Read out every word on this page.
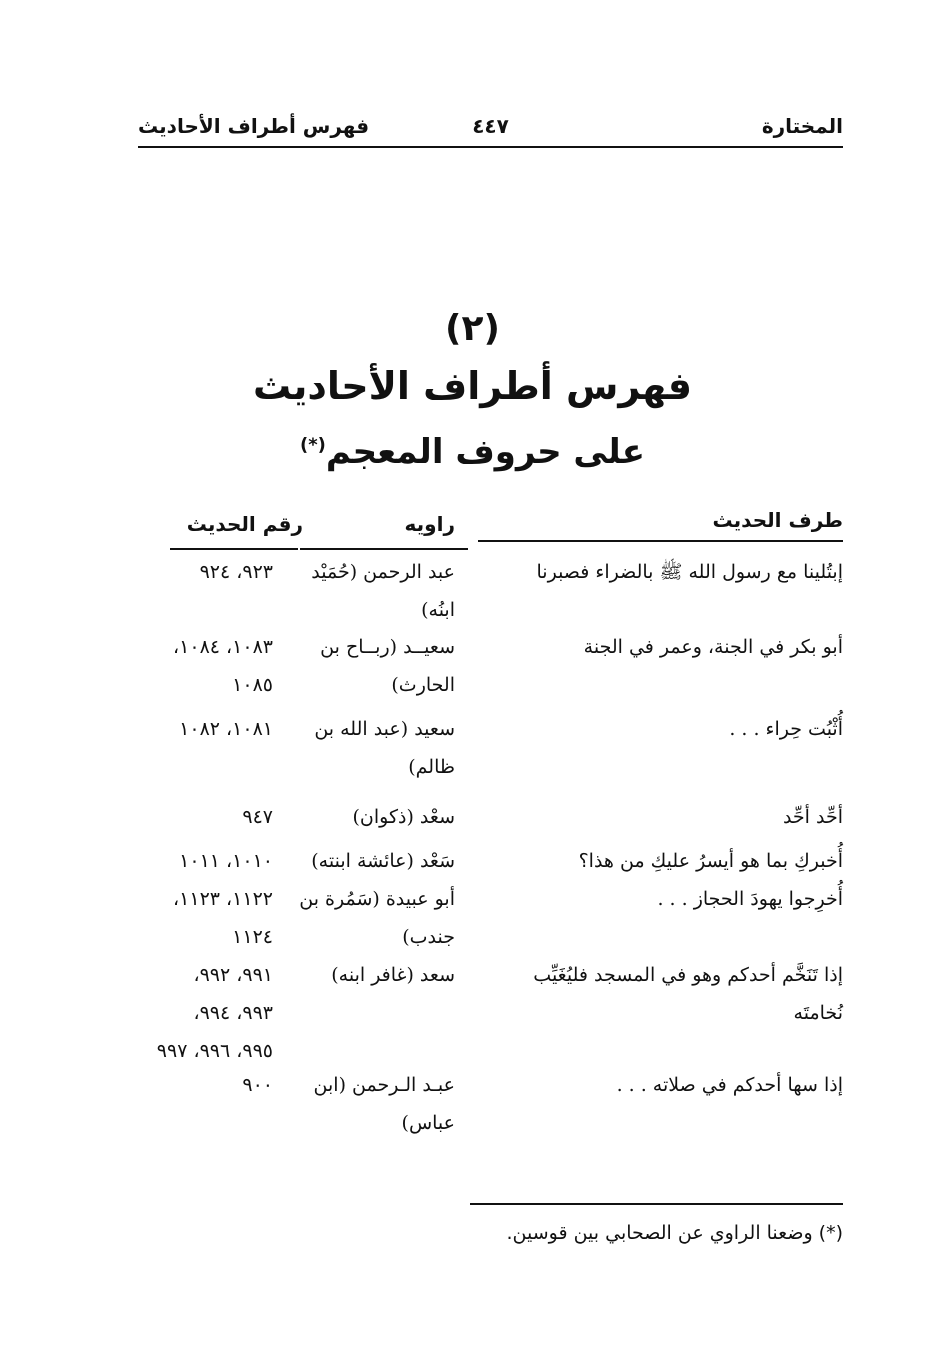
المختارة
٤٤٧
فهرس أطراف الأحاديث
(٢)
فهرس أطراف الأحاديث
على حروف المعجم(*)
طرف الحديث
راويه
رقم الحديث
إبتُلينا مع رسول الله ﷺ بالضراء فصبرنا
عبد الرحمن (حُمَيْد
ابنُه)
٩٢٣، ٩٢٤
أبو بكر في الجنة، وعمر في الجنة
سعيــد (ربــاح بن
الحارث)
١٠٨٣، ١٠٨٤،
١٠٨٥
أُثْبُت حِراء . . .
سعيد (عبد الله بن
ظالم)
١٠٨١، ١٠٨٢
أحِّد أحِّد
سعْد (ذكوان)
٩٤٧
أُخبركِ بما هو أيسرُ عليكِ من هذا؟
سَعْد (عائشة ابنته)
١٠١٠، ١٠١١
أُخرِجوا يهودَ الحجاز . . .
أبو عبيدة (سَمُرة بن
جندب)
١١٢٢، ١١٢٣،
١١٢٤
إذا تَنَخَّم أحدكم وهو في المسجد فليُغَيِّب
نُخامتَه
سعد (غافر ابنه)
٩٩١، ٩٩٢،
٩٩٣، ٩٩٤،
٩٩٥، ٩٩٦، ٩٩٧
إذا سها أحدكم في صلاته . . .
عبـد الـرحمن (ابن
عباس)
٩٠٠
(*) وضعنا الراوي عن الصحابي بين قوسين.
